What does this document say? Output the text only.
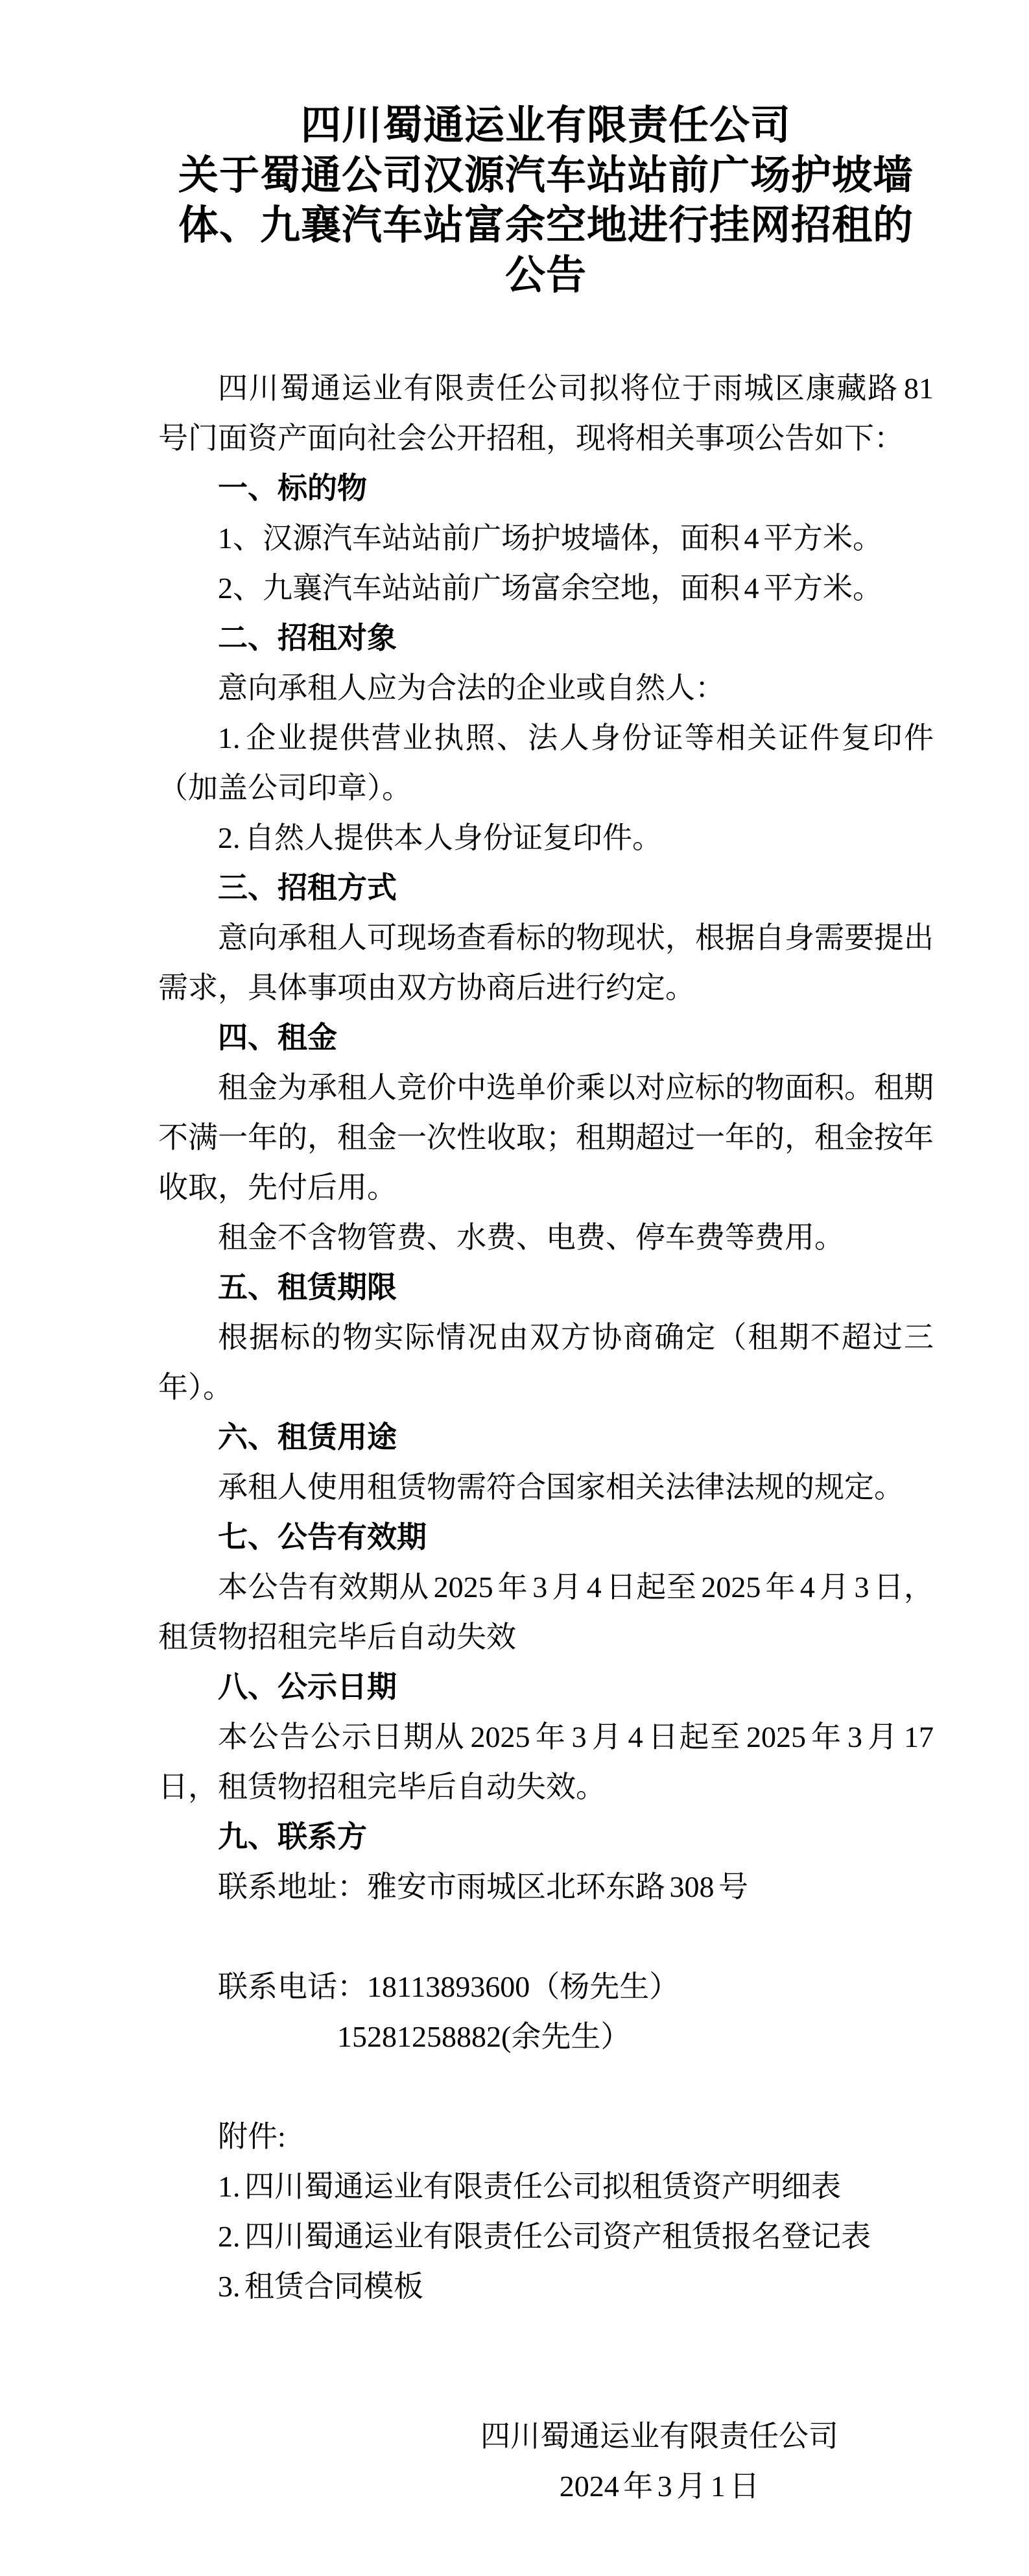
四川蜀通运业有限责任公司
关于蜀通公司汉源汽车站站前广场护坡墙
体、九襄汽车站富余空地进行挂网招租的
公告
四川蜀通运业有限责任公司拟将位于雨城区康藏路 81 号门面资产面向社会公开招租，现将相关事项公告如下：
一、标的物
1、汉源汽车站站前广场护坡墙体，面积 4 平方米。
2、九襄汽车站站前广场富余空地，面积 4 平方米。
二、招租对象
意向承租人应为合法的企业或自然人：
1. 企业提供营业执照、法人身份证等相关证件复印件（加盖公司印章）。
2. 自然人提供本人身份证复印件。
三、招租方式
意向承租人可现场查看标的物现状，根据自身需要提出需求，具体事项由双方协商后进行约定。
四、租金
租金为承租人竞价中选单价乘以对应标的物面积。租期不满一年的，租金一次性收取；租期超过一年的，租金按年收取，先付后用。
租金不含物管费、水费、电费、停车费等费用。
五、租赁期限
根据标的物实际情况由双方协商确定（租期不超过三年）。
六、租赁用途
承租人使用租赁物需符合国家相关法律法规的规定。
七、公告有效期
本公告有效期从 2025 年 3 月 4 日起至 2025 年 4 月 3 日，租赁物招租完毕后自动失效
八、公示日期
本公告公示日期从 2025 年 3 月 4 日起至 2025 年 3 月 17 日，租赁物招租完毕后自动失效。
九、联系方
联系地址：雅安市雨城区北环东路 308 号
联系电话：18113893600（杨先生）
15281258882(余先生）
附件:
1. 四川蜀通运业有限责任公司拟租赁资产明细表
2. 四川蜀通运业有限责任公司资产租赁报名登记表
3. 租赁合同模板
四川蜀通运业有限责任公司
2024 年 3 月 1 日
